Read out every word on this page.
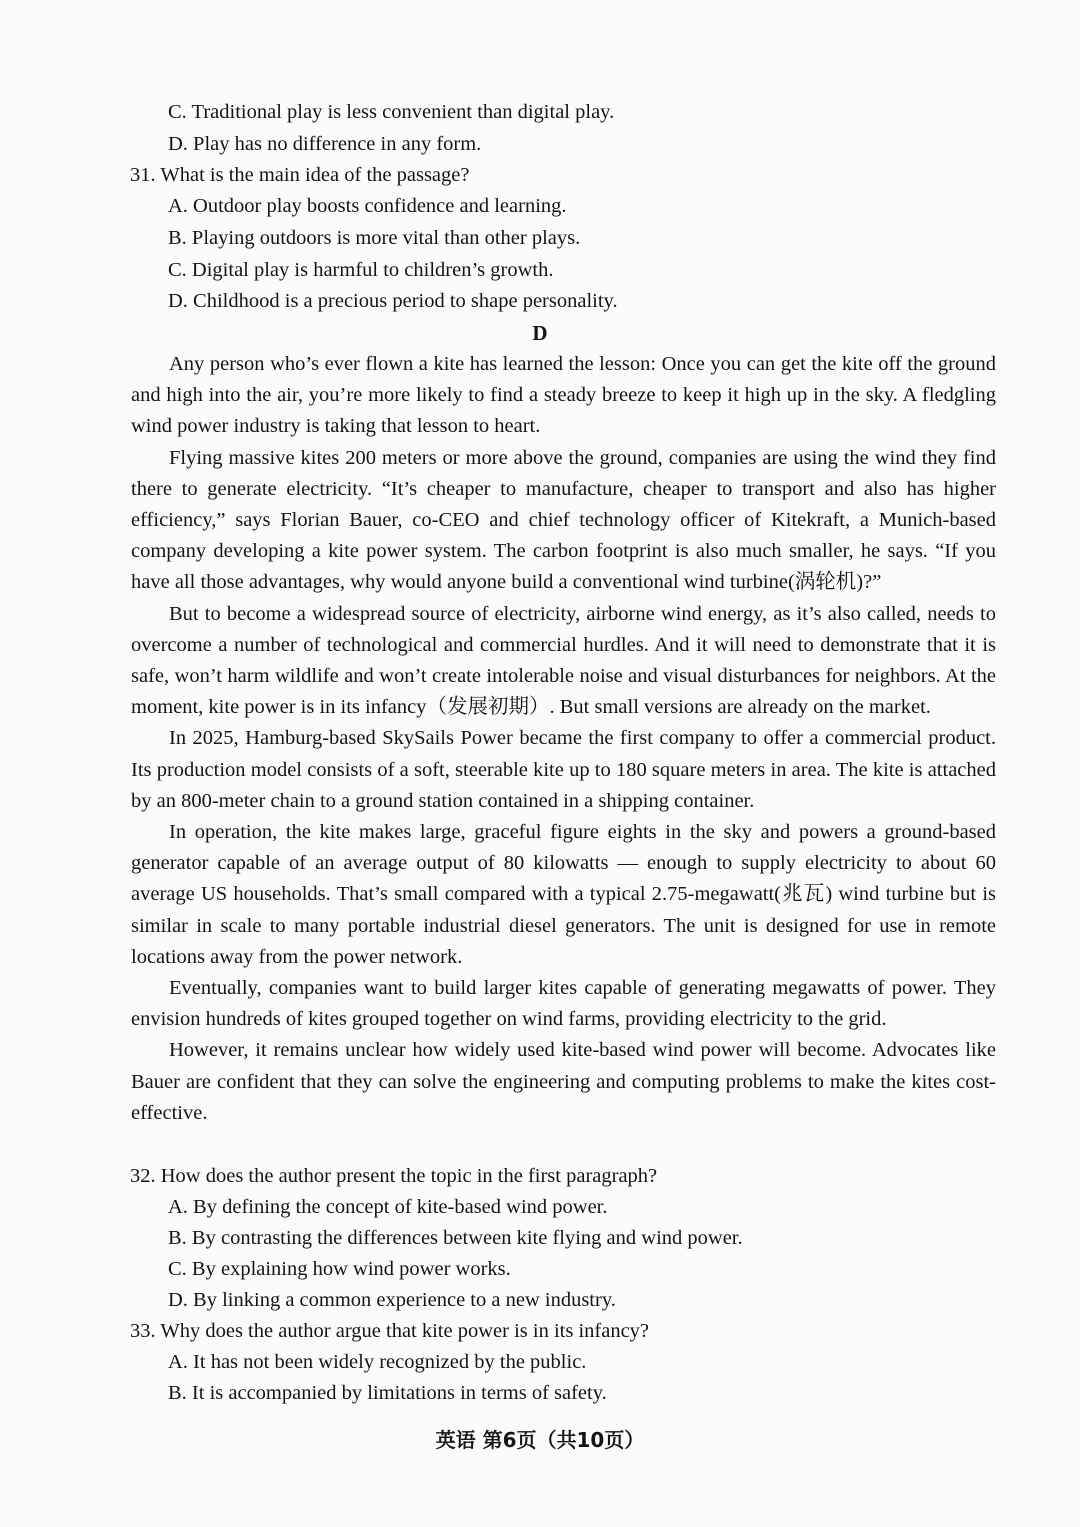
C. Traditional play is less convenient than digital play.
D. Play has no difference in any form.
31. What is the main idea of the passage?
A. Outdoor play boosts confidence and learning.
B. Playing outdoors is more vital than other plays.
C. Digital play is harmful to children’s growth.
D. Childhood is a precious period to shape personality.
D

Any person who’s ever flown a kite has learned the lesson: Once you can get the kite off the ground and high into the air, you’re more likely to find a steady breeze to keep it high up in the sky. A fledgling wind power industry is taking that lesson to heart.

Flying massive kites 200 meters or more above the ground, companies are using the wind they find there to generate electricity. “It’s cheaper to manufacture, cheaper to transport and also has higher efficiency,” says Florian Bauer, co-CEO and chief technology officer of Kitekraft, a Munich-based company developing a kite power system. The carbon footprint is also much smaller, he says. “If you have all those advantages, why would anyone build a conventional wind turbine(涡轮机)?”

But to become a widespread source of electricity, airborne wind energy, as it’s also called, needs to overcome a number of technological and commercial hurdles. And it will need to demonstrate that it is safe, won’t harm wildlife and won’t create intolerable noise and visual disturbances for neighbors. At the moment, kite power is in its infancy（发展初期）. But small versions are already on the market.

In 2025, Hamburg-based SkySails Power became the first company to offer a commercial product. Its production model consists of a soft, steerable kite up to 180 square meters in area. The kite is attached by an 800-meter chain to a ground station contained in a shipping container.

In operation, the kite makes large, graceful figure eights in the sky and powers a ground-based generator capable of an average output of 80 kilowatts — enough to supply electricity to about 60 average US households. That’s small compared with a typical 2.75-megawatt(兆瓦) wind turbine but is similar in scale to many portable industrial diesel generators. The unit is designed for use in remote locations away from the power network.

Eventually, companies want to build larger kites capable of generating megawatts of power. They envision hundreds of kites grouped together on wind farms, providing electricity to the grid.

However, it remains unclear how widely used kite-based wind power will become. Advocates like Bauer are confident that they can solve the engineering and computing problems to make the kites cost-effective.

32. How does the author present the topic in the first paragraph?
A. By defining the concept of kite-based wind power.
B. By contrasting the differences between kite flying and wind power.
C. By explaining how wind power works.
D. By linking a common experience to a new industry.
33. Why does the author argue that kite power is in its infancy?
A. It has not been widely recognized by the public.
B. It is accompanied by limitations in terms of safety.
英语 第6页（共10页）
